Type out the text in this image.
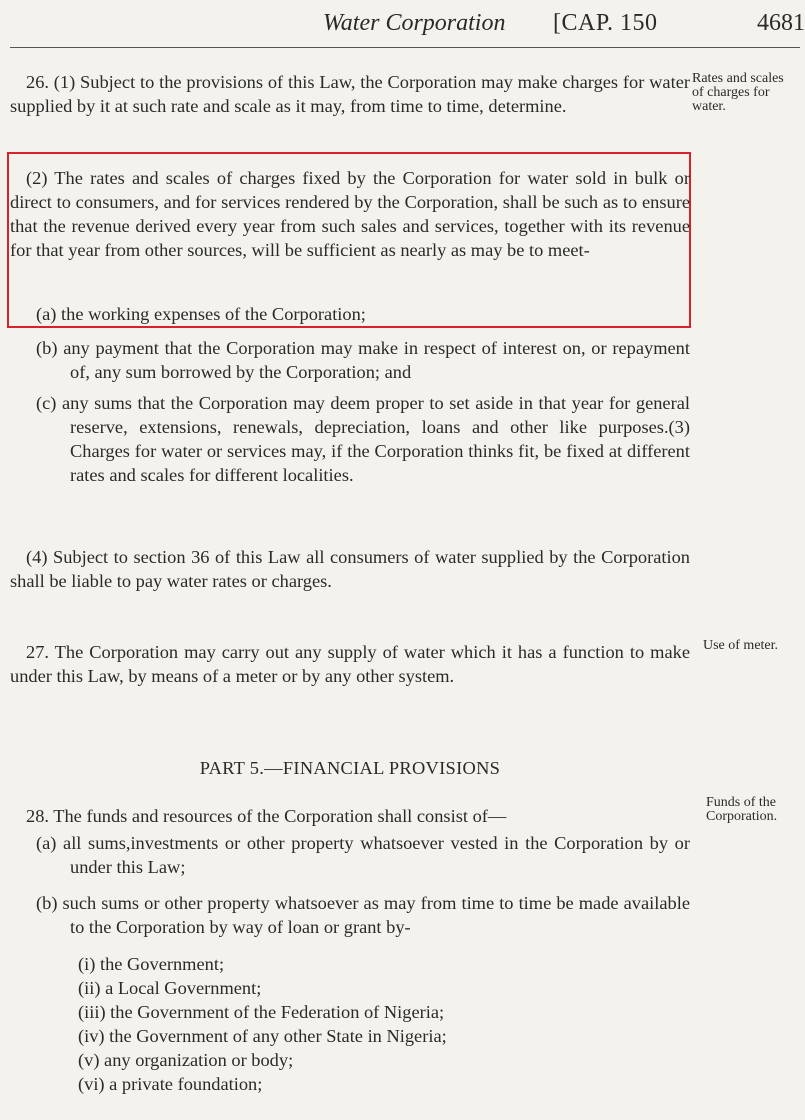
Water Corporation [CAP. 150	4681
Rates and scales of charges for water.
Use of meter.
Funds of the Corporation.

26. (1) Subject to the provisions of this Law, the Corporation may make charges for water supplied by it at such rate and scale as it may, from time to time, determine.

(2) The rates and scales of charges fixed by the Corporation for water sold in bulk or direct to consumers, and for services rendered by the Corporation, shall be such as to ensure that the revenue derived every year from such sales and services, together with its revenue for that year from other sources, will be sufficient as nearly as may be to meet-

(a) the working expenses of the Corporation;

(b) any payment that the Corporation may make in respect of interest on, or repayment of, any sum borrowed by the Corporation; and

(c) any sums that the Corporation may deem proper to set aside in that year for general reserve, extensions, renewals, depreciation, loans and other like purposes.(3) Charges for water or services may, if the Corporation thinks fit, be fixed at different rates and scales for different localities.

(4) Subject to section 36 of this Law all consumers of water supplied by the Corporation shall be liable to pay water rates or charges.

27. The Corporation may carry out any supply of water which it has a function to make under this Law, by means of a meter or by any other system.

PART 5.—FINANCIAL PROVISIONS

28. The funds and resources of the Corporation shall consist of—

(a) all sums,investments or other property whatsoever vested in the Corporation by or under this Law;

(b) such sums or other property whatsoever as may from time to time be made available to the Corporation by way of loan or grant by-

(i) the Government;

(ii) a Local Government;

(iii) the Government of the Federation of Nigeria;

(iv) the Government of any other State in Nigeria;

(v) any organization or body;

(vi) a private foundation;
